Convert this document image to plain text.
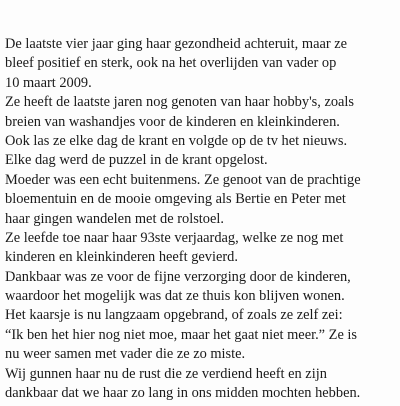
De laatste vier jaar ging haar gezondheid achteruit, maar ze
bleef positief en sterk, ook na het overlijden van vader op
10 maart 2009.
Ze heeft de laatste jaren nog genoten van haar hobby's, zoals
breien van washandjes voor de kinderen en kleinkinderen.
Ook las ze elke dag de krant en volgde op de tv het nieuws.
Elke dag werd de puzzel in de krant opgelost.
Moeder was een echt buitenmens. Ze genoot van de prachtige
bloementuin en de mooie omgeving als Bertie en Peter met
haar gingen wandelen met de rolstoel.
Ze leefde toe naar haar 93ste verjaardag, welke ze nog met
kinderen en kleinkinderen heeft gevierd.
Dankbaar was ze voor de fijne verzorging door de kinderen,
waardoor het mogelijk was dat ze thuis kon blijven wonen.
Het kaarsje is nu langzaam opgebrand, of zoals ze zelf zei:
“Ik ben het hier nog niet moe, maar het gaat niet meer.” Ze is
nu weer samen met vader die ze zo miste.
Wij gunnen haar nu de rust die ze verdiend heeft en zijn
dankbaar dat we haar zo lang in ons midden mochten hebben.
